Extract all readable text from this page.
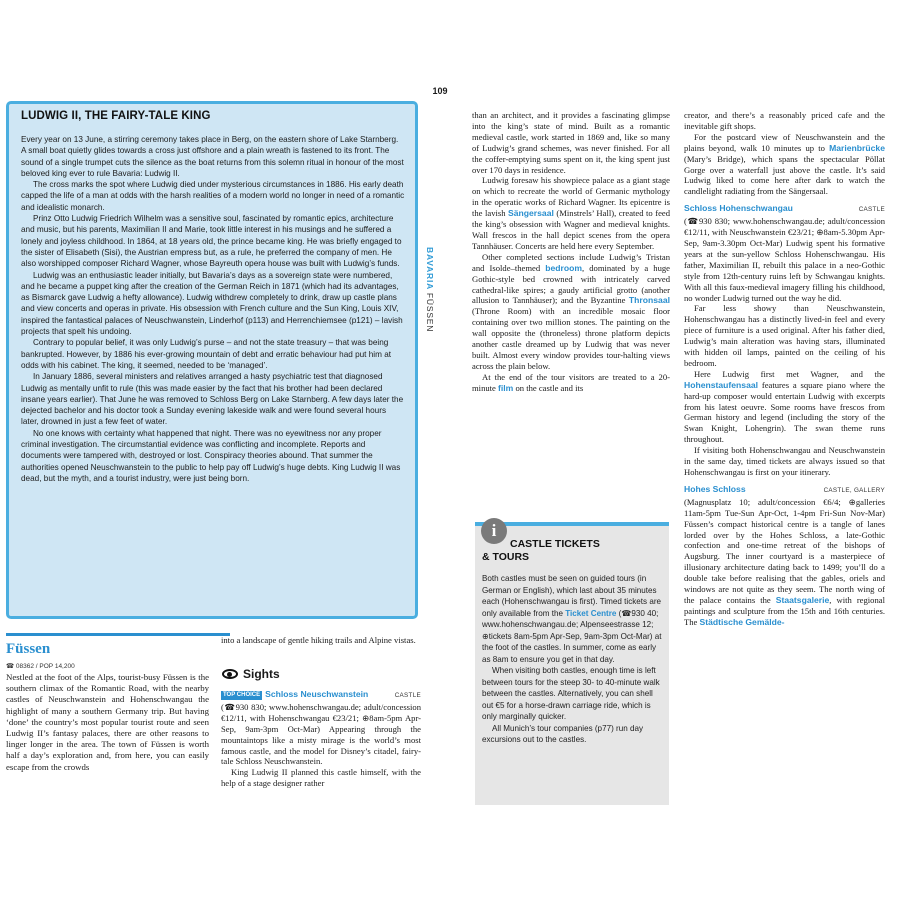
109
LUDWIG II, THE FAIRY-TALE KING

Every year on 13 June, a stirring ceremony takes place in Berg, on the eastern shore of Lake Starnberg. A small boat quietly glides towards a cross just offshore and a plain wreath is fastened to its front. The sound of a single trumpet cuts the silence as the boat returns from this solemn ritual in honour of the most beloved king ever to rule Bavaria: Ludwig II.

The cross marks the spot where Ludwig died under mysterious circumstances in 1886. His early death capped the life of a man at odds with the harsh realities of a modern world no longer in need of a romantic and idealistic monarch.

Prinz Otto Ludwig Friedrich Wilhelm was a sensitive soul, fascinated by romantic epics, architecture and music, but his parents, Maximilian II and Marie, took little interest in his musings and he suffered a lonely and joyless childhood. In 1864, at 18 years old, the prince became king. He was briefly engaged to the sister of Elisabeth (Sisi), the Austrian empress but, as a rule, he preferred the company of men. He also worshipped composer Richard Wagner, whose Bayreuth opera house was built with Ludwig’s funds.

Ludwig was an enthusiastic leader initially, but Bavaria’s days as a sovereign state were numbered, and he became a puppet king after the creation of the German Reich in 1871 (which had its advantages, as Bismarck gave Ludwig a hefty allowance). Ludwig withdrew completely to drink, draw up castle plans and view concerts and operas in private. His obsession with French culture and the Sun King, Louis XIV, inspired the fantastical palaces of Neuschwanstein, Linderhof (p113) and Herrenchiemsee (p121) – lavish projects that spelt his undoing.

Contrary to popular belief, it was only Ludwig’s purse – and not the state treasury – that was being bankrupted. However, by 1886 his ever-growing mountain of debt and erratic behaviour had put him at odds with his cabinet. The king, it seemed, needed to be ‘managed’.

In January 1886, several ministers and relatives arranged a hasty psychiatric test that diagnosed Ludwig as mentally unfit to rule (this was made easier by the fact that his brother had been declared insane years earlier). That June he was removed to Schloss Berg on Lake Starnberg. A few days later the dejected bachelor and his doctor took a Sunday evening lakeside walk and were found several hours later, drowned in just a few feet of water.

No one knows with certainty what happened that night. There was no eyewitness nor any proper criminal investigation. The circumstantial evidence was conflicting and incomplete. Reports and documents were tampered with, destroyed or lost. Conspiracy theories abound. That summer the authorities opened Neuschwanstein to the public to help pay off Ludwig’s huge debts. King Ludwig II was dead, but the myth, and a tourist industry, were just being born.

BAVARIA FÜSSEN

than an architect, and it provides a fascinating glimpse into the king’s state of mind. Built as a romantic medieval castle, work started in 1869 and, like so many of Ludwig’s grand schemes, was never finished. For all the coffer-emptying sums spent on it, the king spent just over 170 days in residence.

Ludwig foresaw his showpiece palace as a giant stage on which to recreate the world of Germanic mythology in the operatic works of Richard Wagner. Its epicentre is the lavish Sängersaal (Minstrels’ Hall), created to feed the king’s obsession with Wagner and medieval knights. Wall frescos in the hall depict scenes from the opera Tannhäuser. Concerts are held here every September.

Other completed sections include Ludwig’s Tristan and Isolde–themed bedroom, dominated by a huge Gothic-style bed crowned with intricately carved cathedral-like spires; a gaudy artificial grotto (another allusion to Tannhäuser); and the Byzantine Thronsaal (Throne Room) with an incredible mosaic floor containing over two million stones. The painting on the wall opposite the (throneless) throne platform depicts another castle dreamed up by Ludwig that was never built. Almost every window provides tour-halting views across the plain below.

At the end of the tour visitors are treated to a 20-minute film on the castle and its

i
CASTLE TICKETS
& TOURS

Both castles must be seen on guided tours (in German or English), which last about 35 minutes each (Hohenschwangau is first). Timed tickets are only available from the Ticket Centre (☎930 40; www.hohenschwangau.de; Alpenseestrasse 12; ⊕tickets 8am-5pm Apr-Sep, 9am-3pm Oct-Mar) at the foot of the castles. In summer, come as early as 8am to ensure you get in that day.

When visiting both castles, enough time is left between tours for the steep 30- to 40-minute walk between the castles. Alternatively, you can shell out €5 for a horse-drawn carriage ride, which is only marginally quicker.

All Munich’s tour companies (p77) run day excursions out to the castles.

creator, and there’s a reasonably priced cafe and the inevitable gift shops.

For the postcard view of Neuschwanstein and the plains beyond, walk 10 minutes up to Marienbrücke (Mary’s Bridge), which spans the spectacular Pöllat Gorge over a waterfall just above the castle. It’s said Ludwig liked to come here after dark to watch the candlelight radiating from the Sängersaal.

Schloss Hohenschwangau	CASTLE

(☎930 830; www.hohenschwangau.de; adult/concession €12/11, with Neuschwanstein €23/21; ⊕8am-5.30pm Apr-Sep, 9am-3.30pm Oct-Mar) Ludwig spent his formative years at the sun-yellow Schloss Hohenschwangau. His father, Maximilian II, rebuilt this palace in a neo-Gothic style from 12th-century ruins left by Schwangau knights. With all this faux-medieval imagery filling his childhood, no wonder Ludwig turned out the way he did.

Far less showy than Neuschwanstein, Hohenschwangau has a distinctly lived-in feel and every piece of furniture is a used original. After his father died, Ludwig’s main alteration was having stars, illuminated with hidden oil lamps, painted on the ceiling of his bedroom.

Here Ludwig first met Wagner, and the Hohenstaufensaal features a square piano where the hard-up composer would entertain Ludwig with excerpts from his latest oeuvre. Some rooms have frescos from German history and legend (including the story of the Swan Knight, Lohengrin). The swan theme runs throughout.

If visiting both Hohenschwangau and Neuschwanstein in the same day, timed tickets are always issued so that Hohenschwangau is first on your itinerary.

Hohes Schloss	CASTLE, GALLERY

(Magnusplatz 10; adult/concession €6/4; ⊕galleries 11am-5pm Tue-Sun Apr-Oct, 1-4pm Fri-Sun Nov-Mar) Füssen’s compact historical centre is a tangle of lanes lorded over by the Hohes Schloss, a late-Gothic confection and one-time retreat of the bishops of Augsburg. The inner courtyard is a masterpiece of illusionary architecture dating back to 1499; you’ll do a double take before realising that the gables, oriels and windows are not quite as they seem. The north wing of the palace contains the Staatsgalerie, with regional paintings and sculpture from the 15th and 16th centuries. The Städtische Gemälde-

Füssen
☎ 08362 / POP 14,200

Nestled at the foot of the Alps, tourist-busy Füssen is the southern climax of the Romantic Road, with the nearby castles of Neuschwanstein and Hohenschwangau the highlight of many a southern Germany trip. But having ‘done’ the country’s most popular tourist route and seen Ludwig II’s fantasy palaces, there are other reasons to linger longer in the area. The town of Füssen is worth half a day’s exploration and, from here, you can easily escape from the crowds

into a landscape of gentle hiking trails and Alpine vistas.

Sights
TOP CHOICE Schloss Neuschwanstein	CASTLE

(☎930 830; www.hohenschwangau.de; adult/concession €12/11, with Hohenschwangau €23/21; ⊕8am-5pm Apr-Sep, 9am-3pm Oct-Mar) Appearing through the mountaintops like a misty mirage is the world’s most famous castle, and the model for Disney’s citadel, fairy-tale Schloss Neuschwanstein.

King Ludwig II planned this castle himself, with the help of a stage designer rather
